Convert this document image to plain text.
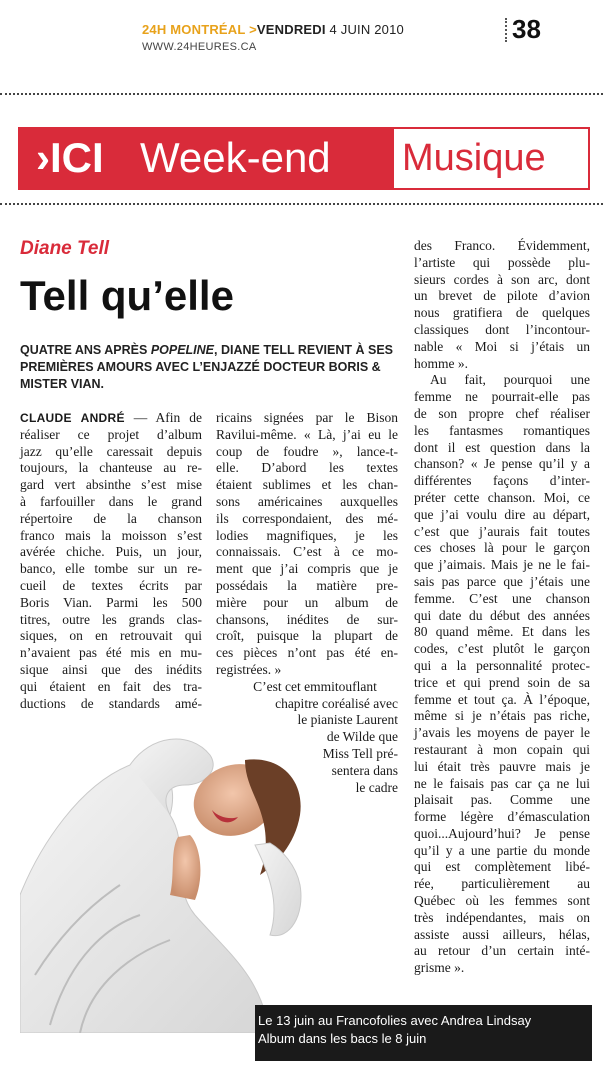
24H MONTRÉAL >VENDREDI 4 JUIN 2010
WWW.24HEURES.CA
38
›ICI Week-end Musique
Diane Tell
Tell qu’elle
QUATRE ANS APRÈS POPELINE, DIANE TELL REVIENT À SES PREMIÈRES AMOURS AVEC L’ENJAZZÉ DOCTEUR BORIS & MISTER VIAN.
CLAUDE ANDRÉ — Afin de
réaliser ce projet d’album
jazz qu’elle caressait depuis
toujours, la chanteuse au re-
gard vert absinthe s’est mise
à farfouiller dans le grand
répertoire de la chanson
franco mais la moisson s’est
avérée chiche. Puis, un jour,
banco, elle tombe sur un re-
cueil de textes écrits par
Boris Vian. Parmi les 500
titres, outre les grands clas-
siques, on en retrouvait qui
n’avaient pas été mis en mu-
sique ainsi que des inédits
qui étaient en fait des tra-
ductions de standards amé-
ricains signées par le Bison
Ravilui-même. « Là, j’ai eu le
coup de foudre », lance-t-
elle. D’abord les textes
étaient sublimes et les chan-
sons américaines auxquelles
ils correspondaient, des mé-
lodies magnifiques, je les
connaissais. C’est à ce mo-
ment que j’ai compris que je
possédais la matière pre-
mière pour un album de
chansons, inédites de sur-
croît, puisque la plupart de
ces pièces n’ont pas été en-
registrées. »
C’est cet emmitouflant
chapitre coréalisé avec
le pianiste Laurent
de Wilde que
Miss Tell pré-
sentera dans
le cadre
des Franco. Évidemment,
l’artiste qui possède plu-
sieurs cordes à son arc, dont
un brevet de pilote d’avion
nous gratifiera de quelques
classiques dont l’incontour-
nable « Moi si j’étais un
homme ».
Au fait, pourquoi une
femme ne pourrait-elle pas
de son propre chef réaliser
les fantasmes romantiques
dont il est question dans la
chanson? « Je pense qu’il y a
différentes façons d’inter-
préter cette chanson. Moi, ce
que j’ai voulu dire au départ,
c’est que j’aurais fait toutes
ces choses là pour le garçon
que j’aimais. Mais je ne le fai-
sais pas parce que j’étais une
femme. C’est une chanson
qui date du début des années
80 quand même. Et dans les
codes, c’est plutôt le garçon
qui a la personnalité protec-
trice et qui prend soin de sa
femme et tout ça. À l’époque,
même si je n’étais pas riche,
j’avais les moyens de payer le
restaurant à mon copain qui
lui était très pauvre mais je
ne le faisais pas car ça ne lui
plaisait pas. Comme une
forme légère d’émasculation
quoi...Aujourd’hui? Je pense
qu’il y a une partie du monde
qui est complètement libé-
rée, particulièrement au
Québec où les femmes sont
très indépendantes, mais on
assiste aussi ailleurs, hélas,
au retour d’un certain inté-
grisme ».
Le 13 juin au Francofolies avec Andrea Lindsay
Album dans les bacs le 8 juin
